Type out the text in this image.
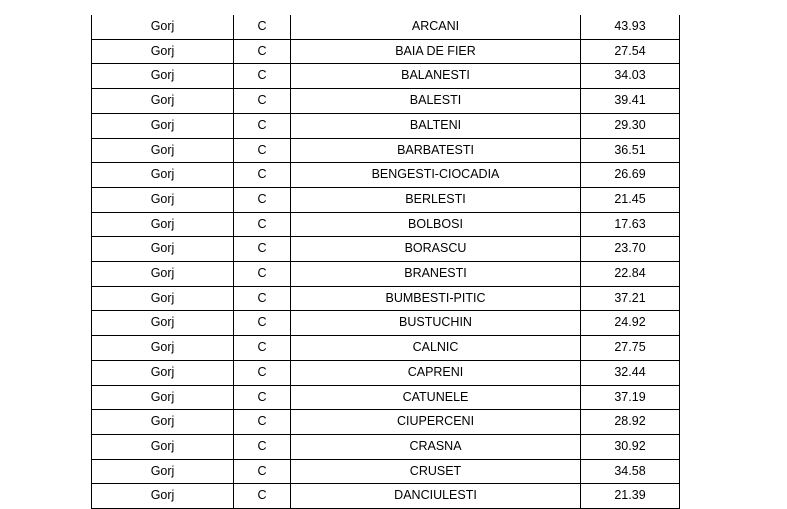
Gorj	C	ARCANI	43.93
Gorj	C	BAIA DE FIER	27.54
Gorj	C	BALANESTI	34.03
Gorj	C	BALESTI	39.41
Gorj	C	BALTENI	29.30
Gorj	C	BARBATESTI	36.51
Gorj	C	BENGESTI-CIOCADIA	26.69
Gorj	C	BERLESTI	21.45
Gorj	C	BOLBOSI	17.63
Gorj	C	BORASCU	23.70
Gorj	C	BRANESTI	22.84
Gorj	C	BUMBESTI-PITIC	37.21
Gorj	C	BUSTUCHIN	24.92
Gorj	C	CALNIC	27.75
Gorj	C	CAPRENI	32.44
Gorj	C	CATUNELE	37.19
Gorj	C	CIUPERCENI	28.92
Gorj	C	CRASNA	30.92
Gorj	C	CRUSET	34.58
Gorj	C	DANCIULESTI	21.39
